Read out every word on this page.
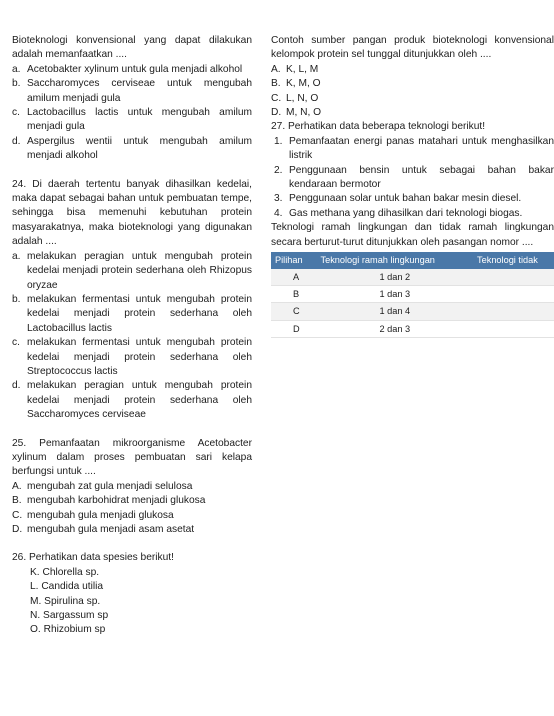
Bioteknologi konvensional yang dapat dilakukan adalah memanfaatkan ....

a. Acetobakter xylinum untuk gula menjadi alkohol
b. Saccharomyces cerviseae untuk mengubah amilum menjadi gula
c. Lactobacillus lactis untuk mengubah amilum menjadi gula
d. Aspergilus wentii untuk mengubah amilum menjadi alkohol

24. Di daerah tertentu banyak dihasilkan kedelai, maka dapat sebagai bahan untuk pembuatan tempe, sehingga bisa memenuhi kebutuhan protein masyarakatnya, maka bioteknologi yang digunakan adalah ....

a. melakukan peragian untuk mengubah protein kedelai menjadi protein sederhana oleh Rhizopus oryzae
b. melakukan fermentasi untuk mengubah protein kedelai menjadi protein sederhana oleh Lactobacillus lactis
c. melakukan fermentasi untuk mengubah protein kedelai menjadi protein sederhana oleh Streptococcus lactis
d. melakukan peragian untuk mengubah protein kedelai menjadi protein sederhana oleh Saccharomyces cerviseae

25. Pemanfaatan mikroorganisme Acetobacter xylinum dalam proses pembuatan sari kelapa berfungsi untuk ....

A. mengubah zat gula menjadi selulosa
B. mengubah karbohidrat menjadi glukosa
C. mengubah gula menjadi glukosa
D. mengubah gula menjadi asam asetat

26. Perhatikan data spesies berikut!

K. Chlorella sp.
L. Candida utilia
M. Spirulina sp.
N. Sargassum sp
O. Rhizobium sp

Contoh sumber pangan produk bioteknologi konvensional kelompok protein sel tunggal ditunjukkan oleh ....

A. K, L, M
B. K, M, O
C. L, N, O
D. M, N, O

27. Perhatikan data beberapa teknologi berikut!

1. Pemanfaatan energi panas matahari untuk menghasilkan listrik
2. Penggunaan bensin untuk sebagai bahan bakar kendaraan bermotor
3. Penggunaan solar untuk bahan bakar mesin diesel.
4. Gas methana yang dihasilkan dari teknologi biogas.

Teknologi ramah lingkungan dan tidak ramah lingkungan secara berturut-turut ditunjukkan oleh pasangan nomor ....

Pilihan	Teknologi ramah lingkungan	Teknologi tidak
A	1 dan 2	
B	1 dan 3	
C	1 dan 4	
D	2 dan 3	
